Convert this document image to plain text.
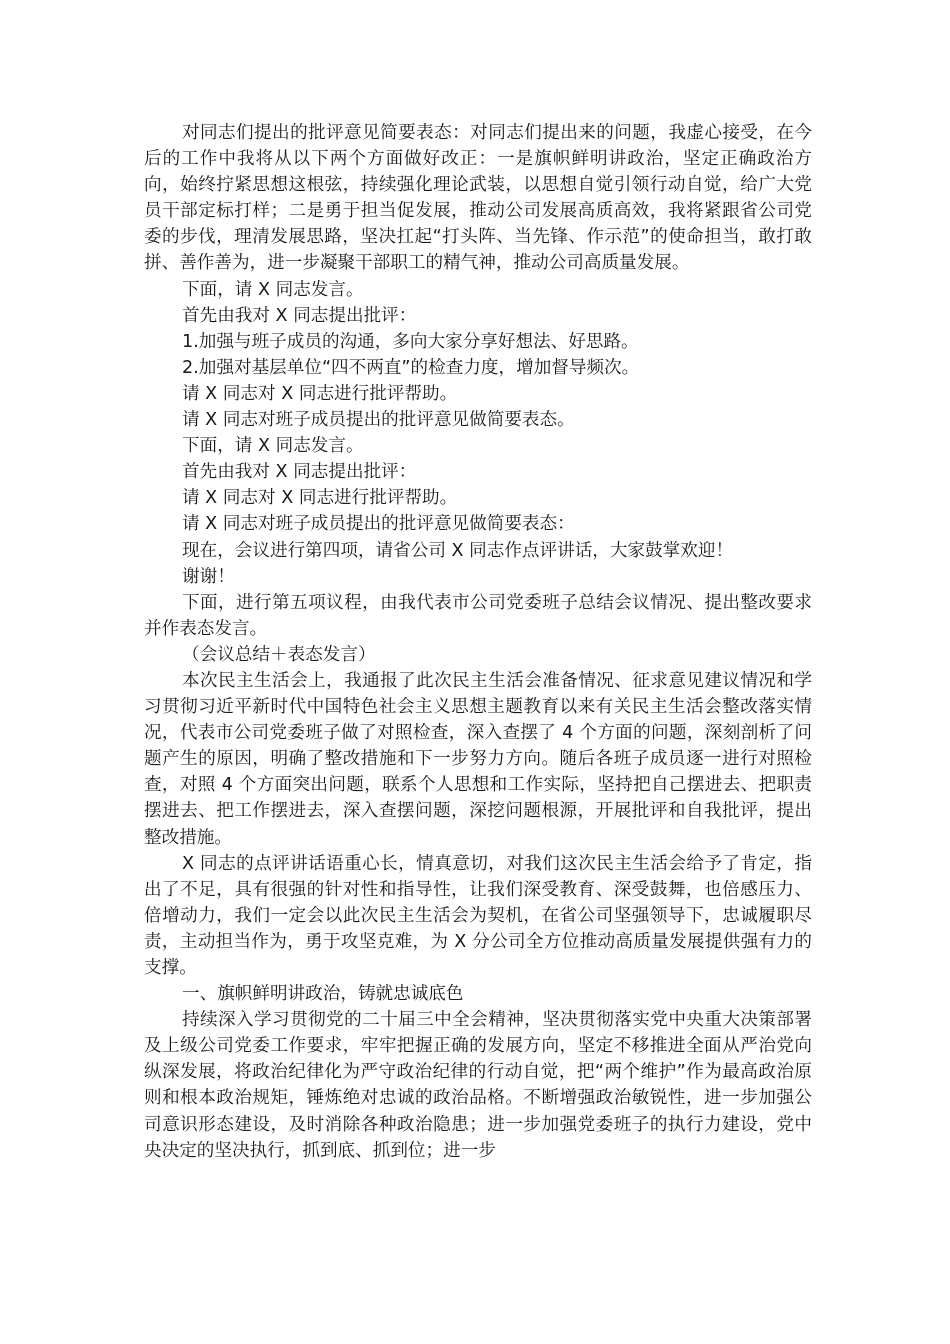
对同志们提出的批评意见简要表态：对同志们提出来的问题，我虚心接受，在今后的工作中我将从以下两个方面做好改正：一是旗帜鲜明讲政治，坚定正确政治方向，始终拧紧思想这根弦，持续强化理论武装，以思想自觉引领行动自觉，给广大党员干部定标打样；二是勇于担当促发展，推动公司发展高质高效，我将紧跟省公司党委的步伐，理清发展思路，坚决扛起“打头阵、当先锋、作示范”的使命担当，敢打敢拼、善作善为，进一步凝聚干部职工的精气神，推动公司高质量发展。

下面，请 X 同志发言。

首先由我对 X 同志提出批评：

1.加强与班子成员的沟通，多向大家分享好想法、好思路。

2.加强对基层单位“四不两直”的检查力度，增加督导频次。

请 X 同志对 X 同志进行批评帮助。

请 X 同志对班子成员提出的批评意见做简要表态。

下面，请 X 同志发言。

首先由我对 X 同志提出批评：

请 X 同志对 X 同志进行批评帮助。

请 X 同志对班子成员提出的批评意见做简要表态：

现在，会议进行第四项，请省公司 X 同志作点评讲话，大家鼓掌欢迎！

谢谢！

下面，进行第五项议程，由我代表市公司党委班子总结会议情况、提出整改要求并作表态发言。

（会议总结＋表态发言）

本次民主生活会上，我通报了此次民主生活会准备情况、征求意见建议情况和学习贯彻习近平新时代中国特色社会主义思想主题教育以来有关民主生活会整改落实情况，代表市公司党委班子做了对照检查，深入查摆了 4 个方面的问题，深刻剖析了问题产生的原因，明确了整改措施和下一步努力方向。随后各班子成员逐一进行对照检查，对照 4 个方面突出问题，联系个人思想和工作实际，坚持把自己摆进去、把职责摆进去、把工作摆进去，深入查摆问题，深挖问题根源，开展批评和自我批评，提出整改措施。

X 同志的点评讲话语重心长，情真意切，对我们这次民主生活会给予了肯定，指出了不足，具有很强的针对性和指导性，让我们深受教育、深受鼓舞，也倍感压力、倍增动力，我们一定会以此次民主生活会为契机，在省公司坚强领导下，忠诚履职尽责，主动担当作为，勇于攻坚克难，为 X 分公司全方位推动高质量发展提供强有力的支撑。

一、旗帜鲜明讲政治，铸就忠诚底色

持续深入学习贯彻党的二十届三中全会精神，坚决贯彻落实党中央重大决策部署及上级公司党委工作要求，牢牢把握正确的发展方向，坚定不移推进全面从严治党向纵深发展，将政治纪律化为严守政治纪律的行动自觉，把“两个维护”作为最高政治原则和根本政治规矩，锤炼绝对忠诚的政治品格。不断增强政治敏锐性，进一步加强公司意识形态建设，及时消除各种政治隐患；进一步加强党委班子的执行力建设，党中央决定的坚决执行，抓到底、抓到位；进一步
